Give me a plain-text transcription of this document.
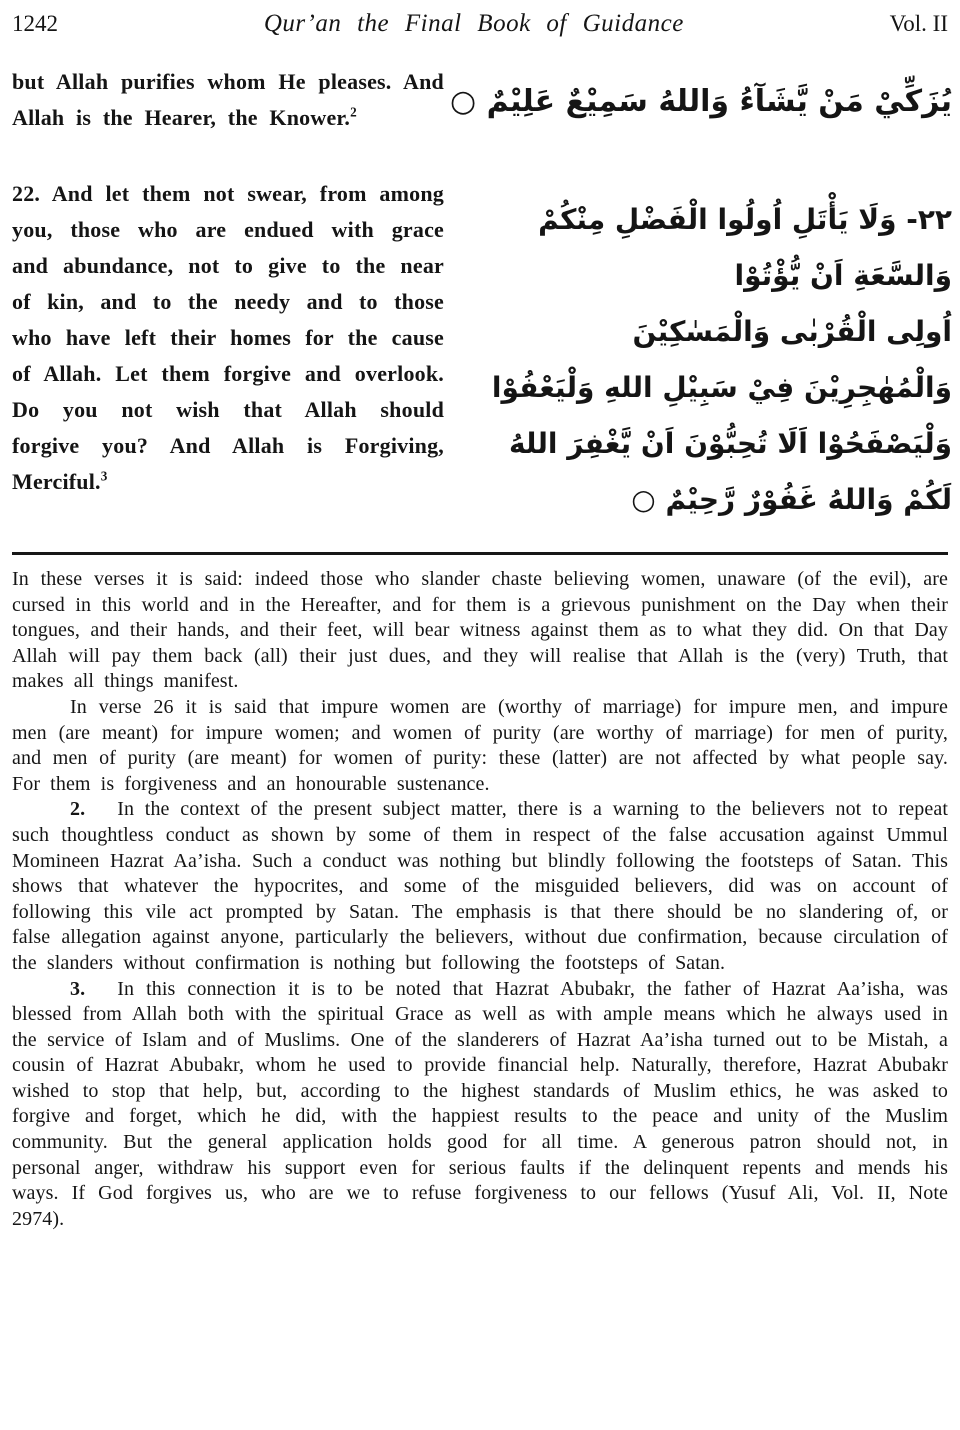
1242	Qur’an the Final Book of Guidance	Vol. II

but Allah purifies whom He pleases. And Allah is the Hearer, the Knower.$^2$

22. And let them not swear, from among you, those who are endued with grace and abundance, not to give to the near of kin, and to the needy and to those who have left their homes for the cause of Allah. Let them forgive and overlook. Do you not wish that Allah should forgive you? And Allah is Forgiving, Merciful.$^3$

يُزَكِّيْ مَنْ يَّشَآءُ وَاللهُ سَمِيْعٌ عَلِيْمٌ ○
٢٢- وَلَا يَأْتَلِ اُولُوا الْفَضْلِ مِنْكُمْ
وَالسَّعَةِ اَنْ يُّؤْتُوْا
اُولِى الْقُرْبٰى وَالْمَسٰكِيْنَ
وَالْمُهٰجِرِيْنَ فِيْ سَبِيْلِ اللهِ وَلْيَعْفُوْا
وَلْيَصْفَحُوْا اَلَا تُحِبُّوْنَ اَنْ يَّغْفِرَ اللهُ
لَكُمْ وَاللهُ غَفُوْرٌ رَّحِيْمٌ ○

In these verses it is said: indeed those who slander chaste believing women, unaware (of the evil), are cursed in this world and in the Hereafter, and for them is a grievous punishment on the Day when their tongues, and their hands, and their feet, will bear witness against them as to what they did. On that Day Allah will pay them back (all) their just dues, and they will realise that Allah is the (very) Truth, that makes all things manifest.

In verse 26 it is said that impure women are (worthy of marriage) for impure men, and impure men (are meant) for impure women; and women of purity (are worthy of marriage) for men of purity, and men of purity (are meant) for women of purity: these (latter) are not affected by what people say. For them is forgiveness and an honourable sustenance.

2. In the context of the present subject matter, there is a warning to the believers not to repeat such thoughtless conduct as shown by some of them in respect of the false accusation against Ummul Momineen Hazrat Aa’isha. Such a conduct was nothing but blindly following the footsteps of Satan. This shows that whatever the hypocrites, and some of the misguided believers, did was on account of following this vile act prompted by Satan. The emphasis is that there should be no slandering of, or false allegation against anyone, particularly the believers, without due confirmation, because circulation of the slanders without confirmation is nothing but following the footsteps of Satan.

3. In this connection it is to be noted that Hazrat Abubakr, the father of Hazrat Aa’isha, was blessed from Allah both with the spiritual Grace as well as with ample means which he always used in the service of Islam and of Muslims. One of the slanderers of Hazrat Aa’isha turned out to be Mistah, a cousin of Hazrat Abubakr, whom he used to provide financial help. Naturally, therefore, Hazrat Abubakr wished to stop that help, but, according to the highest standards of Muslim ethics, he was asked to forgive and forget, which he did, with the happiest results to the peace and unity of the Muslim community. But the general application holds good for all time. A generous patron should not, in personal anger, withdraw his support even for serious faults if the delinquent repents and mends his ways. If God forgives us, who are we to refuse forgiveness to our fellows (Yusuf Ali, Vol. II, Note 2974).
